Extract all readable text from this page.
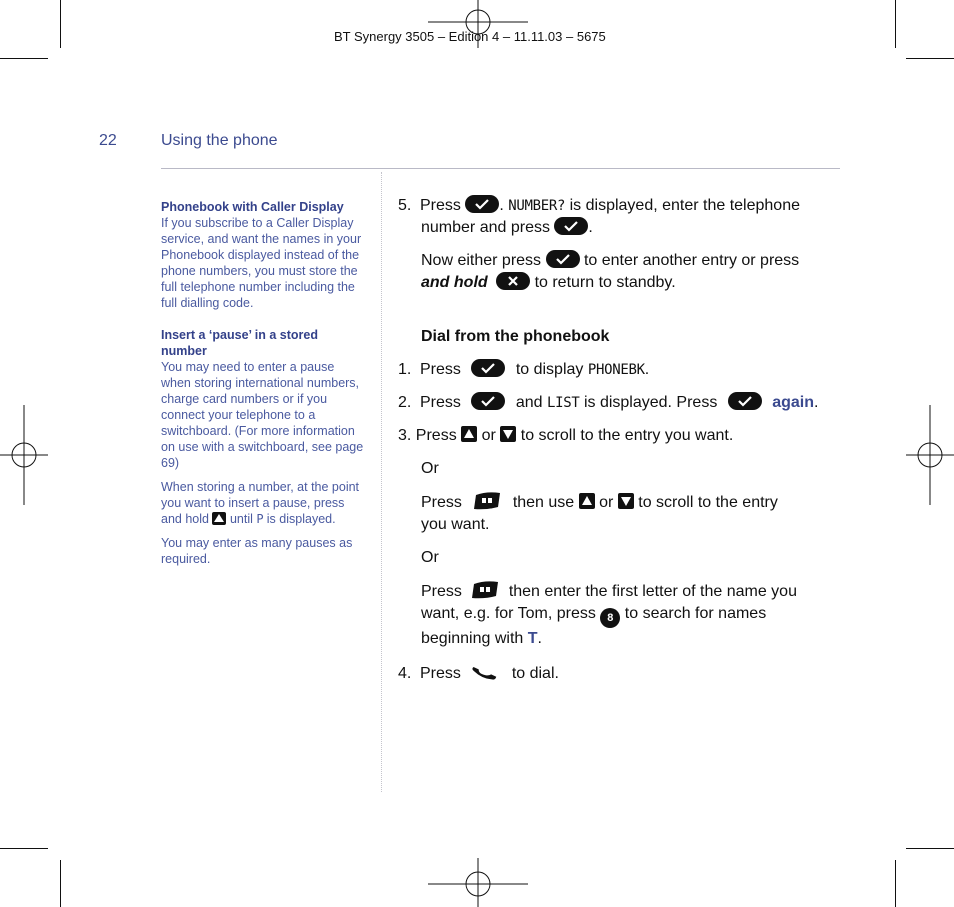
BT Synergy 3505 – Edition 4 – 11.11.03 – 5675
22	Using the phone
Phonebook with Caller Display
If you subscribe to a Caller Display service, and want the names in your Phonebook displayed instead of the phone numbers, you must store the full telephone number including the full dialling code.
Insert a ‘pause’ in a stored number
You may need to enter a pause when storing international numbers, charge card numbers or if you connect your telephone to a switchboard. (For more information on use with a switchboard, see page 69)
When storing a number, at the point you want to insert a pause, press and hold until P is displayed.
You may enter as many pauses as required.
5. Press . NUMBER? is displayed, enter the telephone
number and press .
Now either press	to enter another entry or press
and hold	to return to standby.
Dial from the phonebook
1. Press	to display PHONEBK.
2. Press	and LIST is displayed. Press	again.
3. Press or to scroll to the entry you want.
Or
Press	then use or to scroll to the entry
you want.
Or
Press	then enter the first letter of the name you
want, e.g. for Tom, press 8 to search for names
beginning with T.
4. Press	to dial.
